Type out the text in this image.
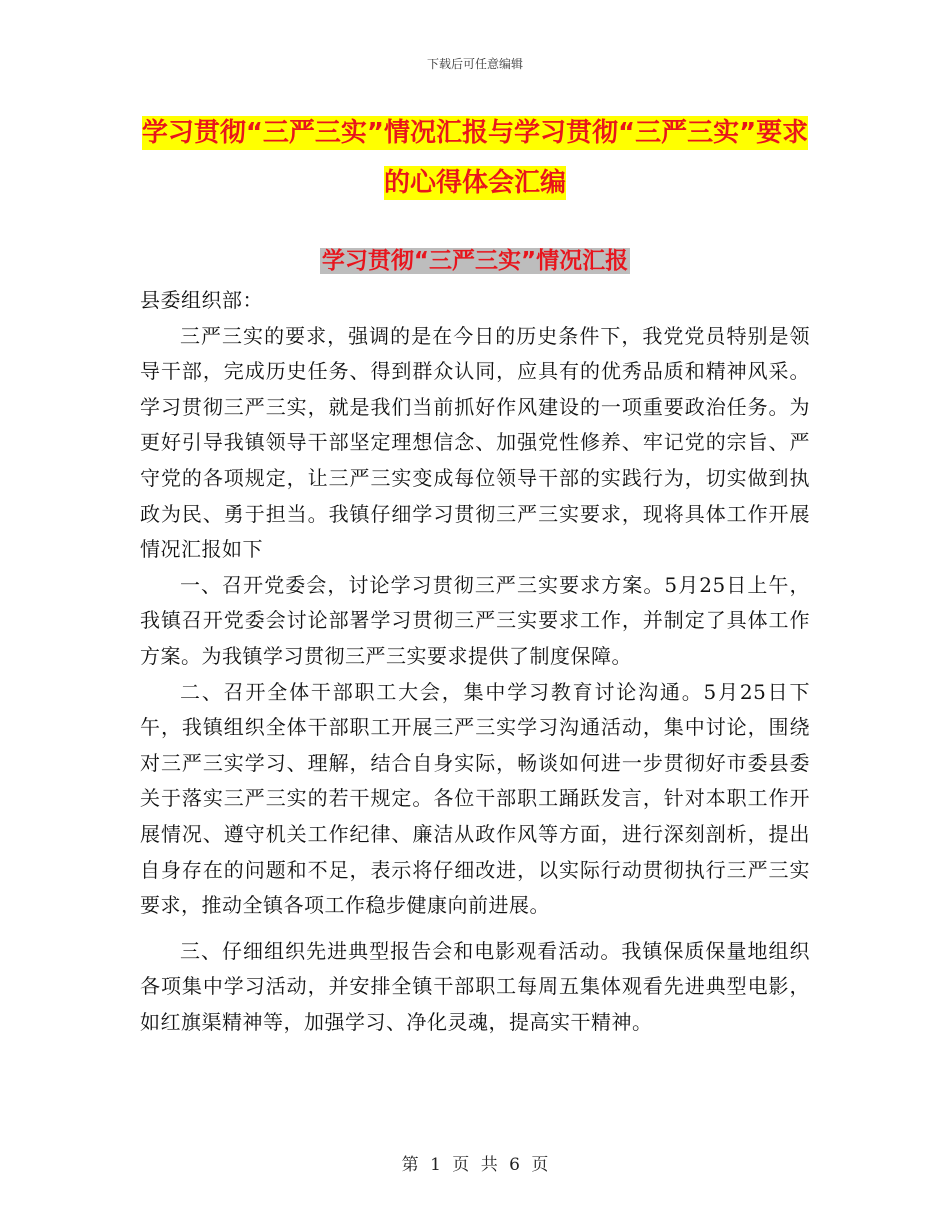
下载后可任意编辑
学习贯彻“三严三实”情况汇报与学习贯彻“三严三实”要求的心得体会汇编
学习贯彻“三严三实”情况汇报

县委组织部：

三严三实的要求，强调的是在今日的历史条件下，我党党员特别是领导干部，完成历史任务、得到群众认同，应具有的优秀品质和精神风采。学习贯彻三严三实，就是我们当前抓好作风建设的一项重要政治任务。为更好引导我镇领导干部坚定理想信念、加强党性修养、牢记党的宗旨、严守党的各项规定，让三严三实变成每位领导干部的实践行为，切实做到执政为民、勇于担当。我镇仔细学习贯彻三严三实要求，现将具体工作开展情况汇报如下

一、召开党委会，讨论学习贯彻三严三实要求方案。5月25日上午，我镇召开党委会讨论部署学习贯彻三严三实要求工作，并制定了具体工作方案。为我镇学习贯彻三严三实要求提供了制度保障。

二、召开全体干部职工大会，集中学习教育讨论沟通。5月25日下午，我镇组织全体干部职工开展三严三实学习沟通活动，集中讨论，围绕对三严三实学习、理解，结合自身实际，畅谈如何进一步贯彻好市委县委关于落实三严三实的若干规定。各位干部职工踊跃发言，针对本职工作开展情况、遵守机关工作纪律、廉洁从政作风等方面，进行深刻剖析，提出自身存在的问题和不足，表示将仔细改进，以实际行动贯彻执行三严三实要求，推动全镇各项工作稳步健康向前进展。

三、仔细组织先进典型报告会和电影观看活动。我镇保质保量地组织各项集中学习活动，并安排全镇干部职工每周五集体观看先进典型电影，如红旗渠精神等，加强学习、净化灵魂，提高实干精神。

第 1 页 共 6 页
